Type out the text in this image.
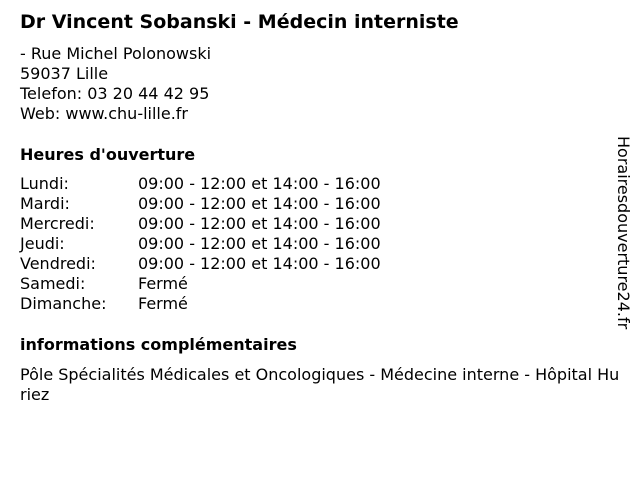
Dr Vincent Sobanski - Médecin interniste
- Rue Michel Polonowski
59037 Lille
Telefon: 03 20 44 42 95
Web: www.chu-lille.fr
Heures d'ouverture
Lundi:	09:00 - 12:00 et 14:00 - 16:00
Mardi:	09:00 - 12:00 et 14:00 - 16:00
Mercredi:	09:00 - 12:00 et 14:00 - 16:00
Jeudi:	09:00 - 12:00 et 14:00 - 16:00
Vendredi:	09:00 - 12:00 et 14:00 - 16:00
Samedi:	Fermé
Dimanche: Fermé
informations complémentaires
Pôle Spécialités Médicales et Oncologiques - Médecine interne - Hôpital Huriez
Horairesdouverture24.fr
